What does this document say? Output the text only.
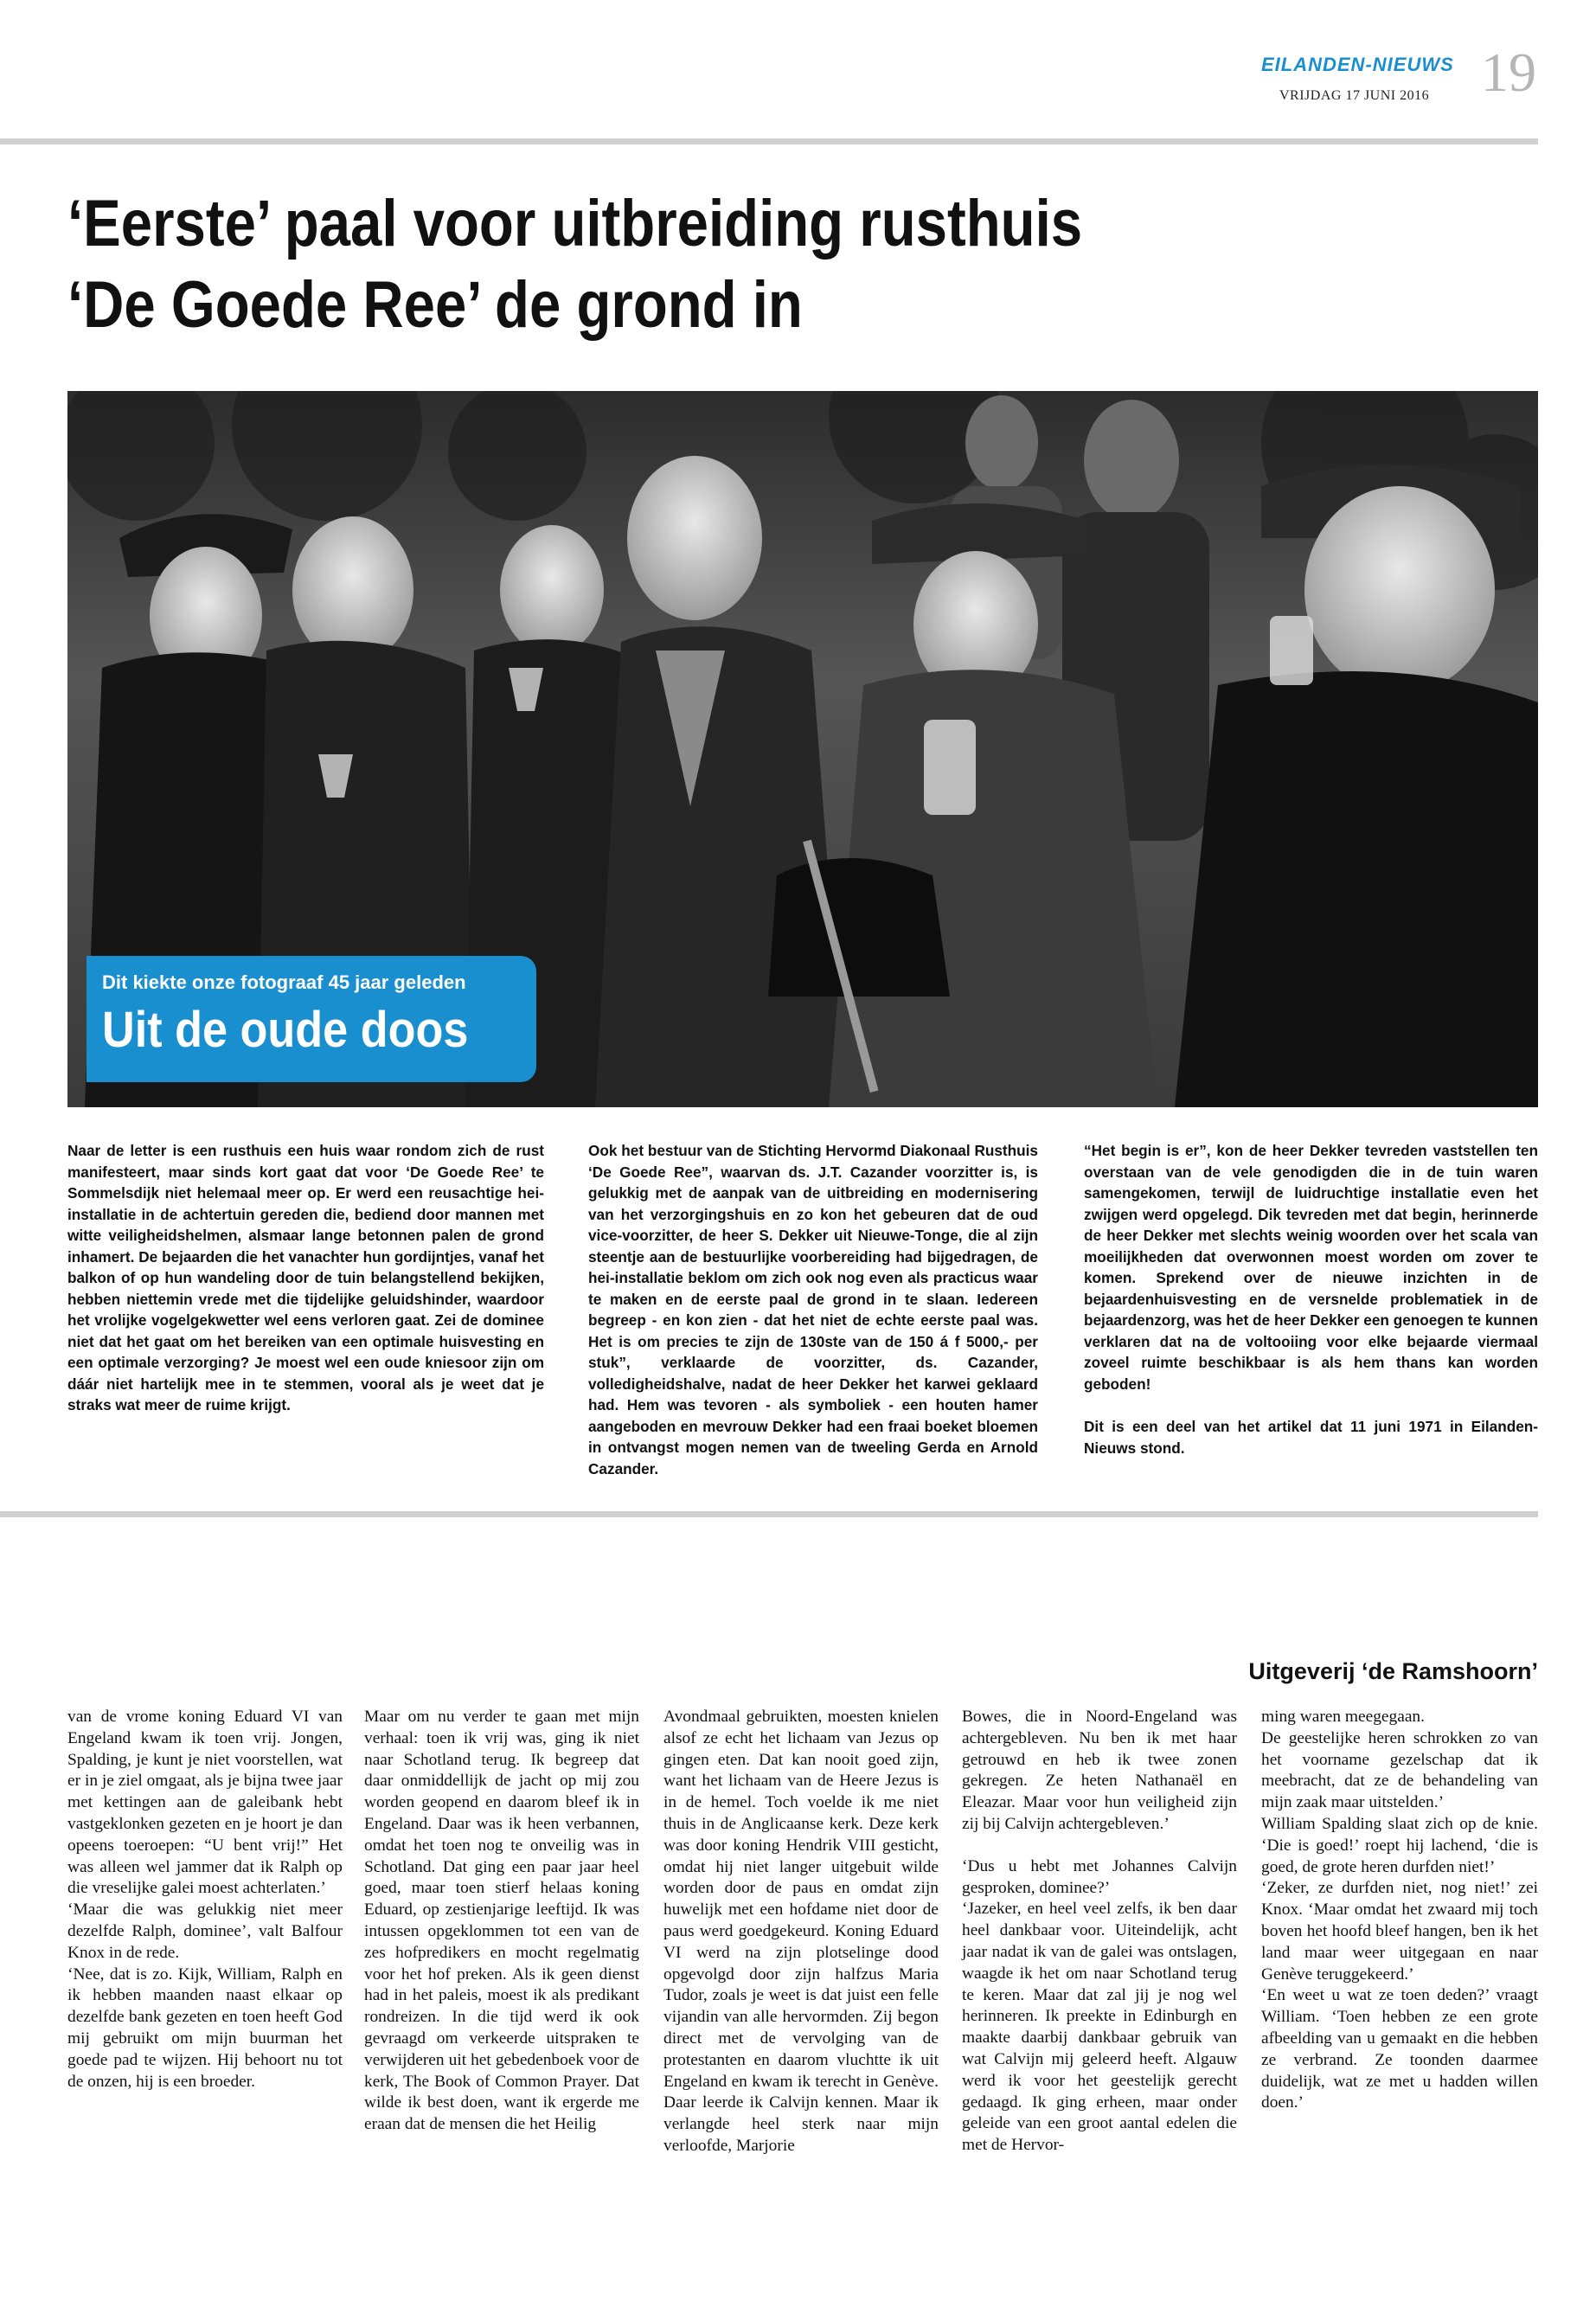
EILANDEN-NIEUWS
VRIJDAG 17 JUNI 2016 19
‘Eerste’ paal voor uitbreiding rusthuis
‘De Goede Ree’ de grond in
Dit kiekte onze fotograaf 45 jaar geleden
Uit de oude doos

Naar de letter is een rusthuis een huis waar rondom zich de rust manifesteert, maar sinds kort gaat dat voor ‘De Goede Ree’ te Sommelsdijk niet helemaal meer op. Er werd een reusachtige hei-installatie in de achtertuin gereden die, bediend door mannen met witte veiligheidshelmen, alsmaar lange betonnen palen de grond inhamert. De bejaarden die het vanachter hun gordijntjes, vanaf het balkon of op hun wandeling door de tuin belangstellend bekijken, hebben niettemin vrede met die tijdelijke geluidshinder, waardoor het vrolijke vogelgekwetter wel eens verloren gaat. Zei de dominee niet dat het gaat om het bereiken van een optimale huisvesting en een optimale verzorging? Je moest wel een oude kniesoor zijn om dáár niet hartelijk mee in te stemmen, vooral als je weet dat je straks wat meer de ruime krijgt.

Ook het bestuur van de Stichting Hervormd Diakonaal Rusthuis ‘De Goede Ree”, waarvan ds. J.T. Cazander voorzitter is, is gelukkig met de aanpak van de uitbreiding en modernisering van het verzorgingshuis en zo kon het gebeuren dat de oud vice-voorzitter, de heer S. Dekker uit Nieuwe-Tonge, die al zijn steentje aan de bestuurlijke voorbereiding had bijgedragen, de hei-installatie beklom om zich ook nog even als practicus waar te maken en de eerste paal de grond in te slaan. Iedereen begreep - en kon zien - dat het niet de echte eerste paal was. Het is om precies te zijn de 130ste van de 150 á f 5000,- per stuk”, verklaarde de voorzitter, ds. Cazander, volledigheidshalve, nadat de heer Dekker het karwei geklaard had. Hem was tevoren - als symboliek - een houten hamer aangeboden en mevrouw Dekker had een fraai boeket bloemen in ontvangst mogen nemen van de tweeling Gerda en Arnold Cazander.

“Het begin is er”, kon de heer Dekker tevreden vaststellen ten overstaan van de vele genodigden die in de tuin waren samengekomen, terwijl de luidruchtige installatie even het zwijgen werd opgelegd. Dik tevreden met dat begin, herinnerde de heer Dekker met slechts weinig woorden over het scala van moeilijkheden dat overwonnen moest worden om zover te komen. Sprekend over de nieuwe inzichten in de bejaardenhuisvesting en de versnelde problematiek in de bejaardenzorg, was het de heer Dekker een genoegen te kunnen verklaren dat na de voltooiing voor elke bejaarde viermaal zoveel ruimte beschikbaar is als hem thans kan worden geboden!

Dit is een deel van het artikel dat 11 juni 1971 in Eilanden-Nieuws stond.

Uitgeverij ‘de Ramshoorn’

van de vrome koning Eduard VI van Engeland kwam ik toen vrij. Jongen, Spalding, je kunt je niet voorstellen, wat er in je ziel omgaat, als je bijna twee jaar met kettingen aan de galeibank hebt vastgeklonken gezeten en je hoort je dan opeens toeroepen: “U bent vrij!” Het was alleen wel jammer dat ik Ralph op die vreselijke galei moest achterlaten.’

‘Maar die was gelukkig niet meer dezelfde Ralph, dominee’, valt Balfour Knox in de rede.

‘Nee, dat is zo. Kijk, William, Ralph en ik hebben maanden naast elkaar op dezelfde bank gezeten en toen heeft God mij gebruikt om mijn buurman het goede pad te wijzen. Hij behoort nu tot de onzen, hij is een broeder.

Maar om nu verder te gaan met mijn verhaal: toen ik vrij was, ging ik niet naar Schotland terug. Ik begreep dat daar onmiddellijk de jacht op mij zou worden geopend en daarom bleef ik in Engeland. Daar was ik heen verbannen, omdat het toen nog te onveilig was in Schotland. Dat ging een paar jaar heel goed, maar toen stierf helaas koning Eduard, op zestienjarige leeftijd. Ik was intussen opgeklommen tot een van de zes hofpredikers en mocht regelmatig voor het hof preken. Als ik geen dienst had in het paleis, moest ik als predikant rondreizen. In die tijd werd ik ook gevraagd om verkeerde uitspraken te verwijderen uit het gebedenboek voor de kerk, The Book of Common Prayer. Dat wilde ik best doen, want ik ergerde me eraan dat de mensen die het Heilig

Avondmaal gebruikten, moesten knielen alsof ze echt het lichaam van Jezus op gingen eten. Dat kan nooit goed zijn, want het lichaam van de Heere Jezus is in de hemel. Toch voelde ik me niet thuis in de Anglicaanse kerk. Deze kerk was door koning Hendrik VIII gesticht, omdat hij niet langer uitgebuit wilde worden door de paus en omdat zijn huwelijk met een hofdame niet door de paus werd goedgekeurd. Koning Eduard VI werd na zijn plotselinge dood opgevolgd door zijn halfzus Maria Tudor, zoals je weet is dat juist een felle vijandin van alle hervormden. Zij begon direct met de vervolging van de protestanten en daarom vluchtte ik uit Engeland en kwam ik terecht in Genève. Daar leerde ik Calvijn kennen. Maar ik verlangde heel sterk naar mijn verloofde, Marjorie

Bowes, die in Noord-Engeland was achtergebleven. Nu ben ik met haar getrouwd en heb ik twee zonen gekregen. Ze heten Nathanaël en Eleazar. Maar voor hun veiligheid zijn zij bij Calvijn achtergebleven.’

‘Dus u hebt met Johannes Calvijn gesproken, dominee?’

‘Jazeker, en heel veel zelfs, ik ben daar heel dankbaar voor. Uiteindelijk, acht jaar nadat ik van de galei was ontslagen, waagde ik het om naar Schotland terug te keren. Maar dat zal jij je nog wel herinneren. Ik preekte in Edinburgh en maakte daarbij dankbaar gebruik van wat Calvijn mij geleerd heeft. Algauw werd ik voor het geestelijk gerecht gedaagd. Ik ging erheen, maar onder geleide van een groot aantal edelen die met de Hervor-

ming waren meegegaan.

De geestelijke heren schrokken zo van het voorname gezelschap dat ik meebracht, dat ze de behandeling van mijn zaak maar uitstelden.’

William Spalding slaat zich op de knie. ‘Die is goed!’ roept hij lachend, ‘die is goed, de grote heren durfden niet!’

‘Zeker, ze durfden niet, nog niet!’ zei Knox. ‘Maar omdat het zwaard mij toch boven het hoofd bleef hangen, ben ik het land maar weer uitgegaan en naar Genève teruggekeerd.’

‘En weet u wat ze toen deden?’ vraagt William. ‘Toen hebben ze een grote afbeelding van u gemaakt en die hebben ze verbrand. Ze toonden daarmee duidelijk, wat ze met u hadden willen doen.’
